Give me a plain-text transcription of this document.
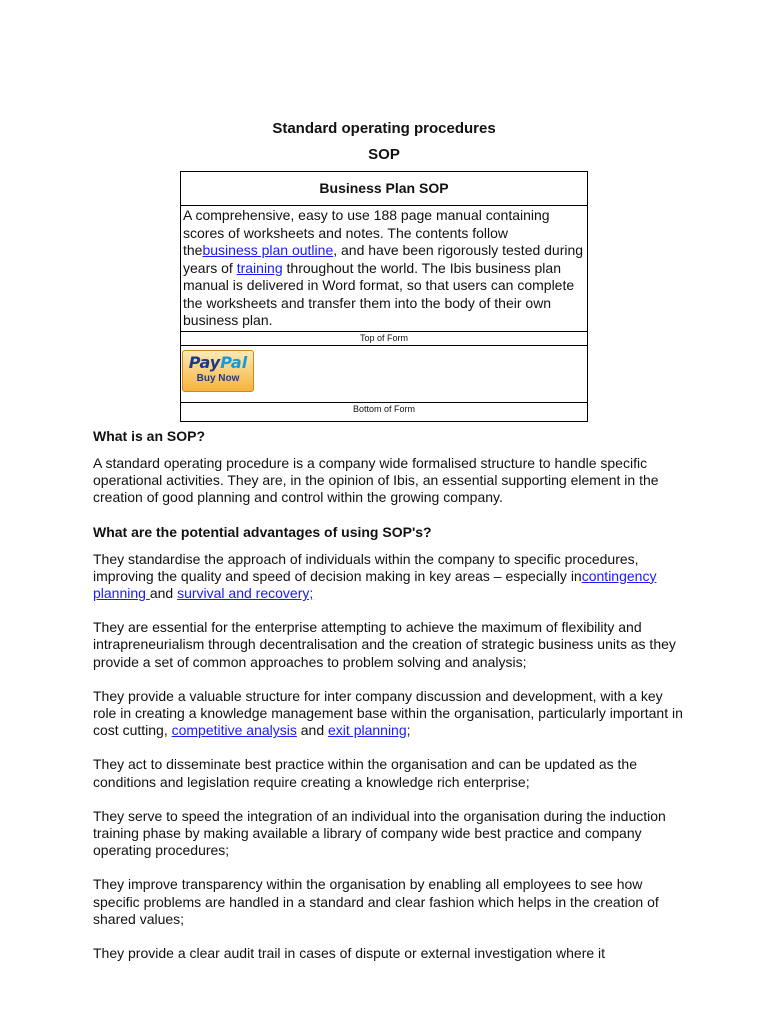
Standard operating procedures
SOP
Business Plan SOP
A comprehensive, easy to use 188 page manual containing scores of worksheets and notes. The contents follow thebusiness plan outline, and have been rigorously tested during years of training throughout the world. The Ibis business plan manual is delivered in Word format, so that users can complete the worksheets and transfer them into the body of their own business plan.
Top of Form
PayPal
Buy Now
Bottom of Form
What is an SOP?

A standard operating procedure is a company wide formalised structure to handle specific operational activities. They are, in the opinion of Ibis, an essential supporting element in the creation of good planning and control within the growing company.

What are the potential advantages of using SOP's?

They standardise the approach of individuals within the company to specific procedures, improving the quality and speed of decision making in key areas – especially incontingency planning and survival and recovery;

They are essential for the enterprise attempting to achieve the maximum of flexibility and intrapreneurialism through decentralisation and the creation of strategic business units as they provide a set of common approaches to problem solving and analysis;

They provide a valuable structure for inter company discussion and development, with a key role in creating a knowledge management base within the organisation, particularly important in cost cutting, competitive analysis and exit planning;

They act to disseminate best practice within the organisation and can be updated as the conditions and legislation require creating a knowledge rich enterprise;

They serve to speed the integration of an individual into the organisation during the induction training phase by making available a library of company wide best practice and company operating procedures;

They improve transparency within the organisation by enabling all employees to see how specific problems are handled in a standard and clear fashion which helps in the creation of shared values;

They provide a clear audit trail in cases of dispute or external investigation where it
